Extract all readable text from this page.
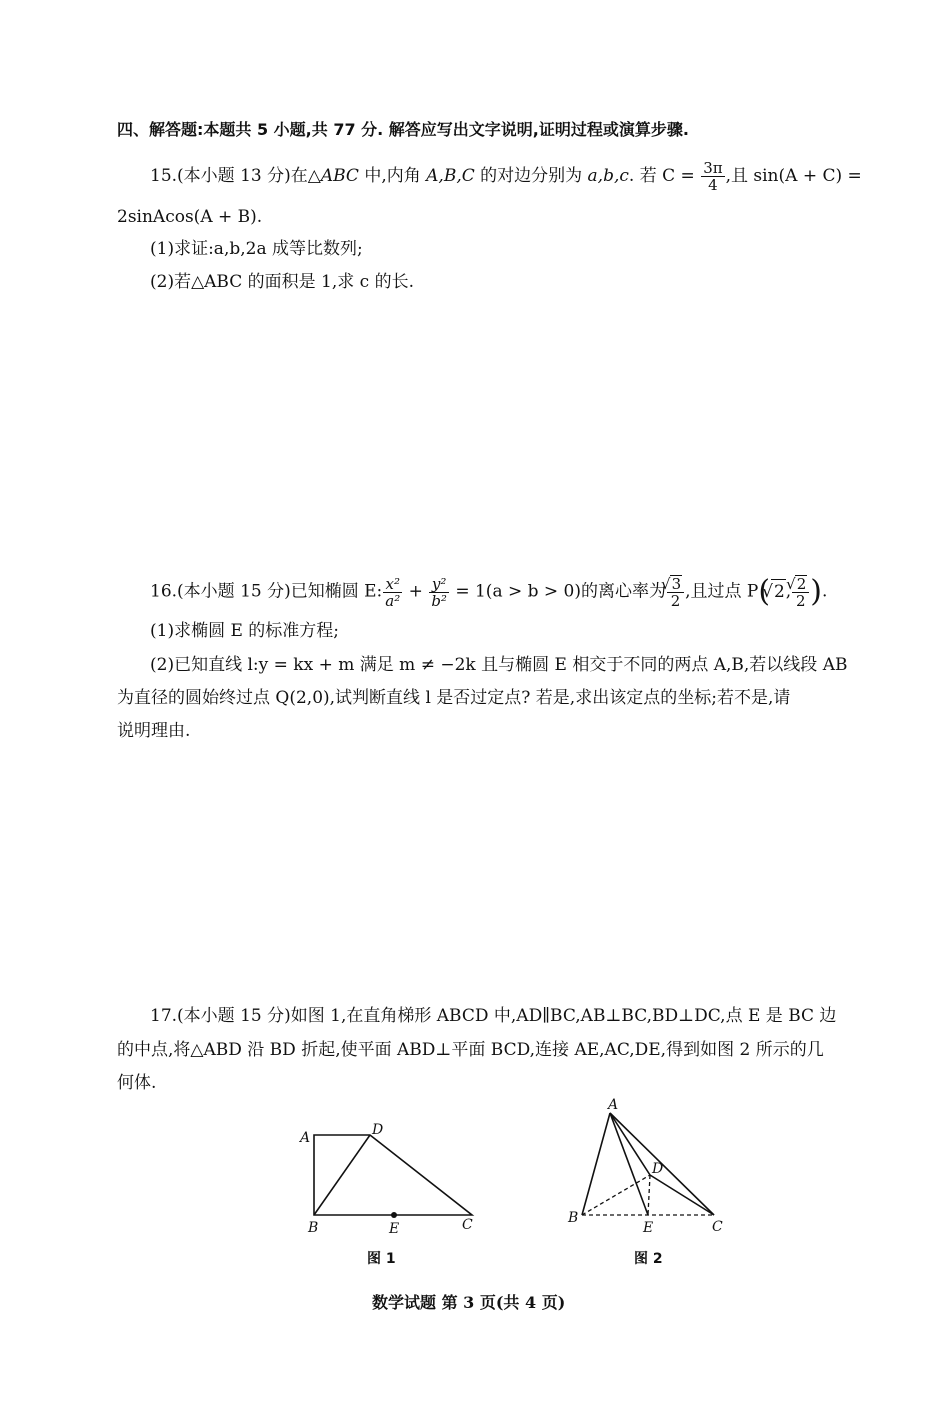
四、解答题:本题共 5 小题,共 77 分. 解答应写出文字说明,证明过程或演算步骤.
15.(本小题 13 分)在△ABC 中,内角 A,B,C 的对边分别为 a,b,c. 若 $C = \frac{3\pi}{4}$ ,且 sin(A + C) =
2sinAcos(A + B).
(1)求证:a,b,2a 成等比数列;
(2)若△ABC 的面积是 1,求 c 的长.
16.(本小题 15 分)已知椭圆 E: $\frac{\text{x²}}{\text{a²}} + \frac{\text{y²}}{\text{b²}} = 1(a > b > 0)$的离心率为 √ $\frac{3}{2}$ ,且过点 P( √ 2, √ $\frac{2}{2}$ ).
(1)求椭圆 E 的标准方程;
(2)已知直线 l:y = kx + m 满足 m ≠ −2k 且与椭圆 E 相交于不同的两点 A,B,若以线段 AB
为直径的圆始终过点 Q(2,0),试判断直线 l 是否过定点? 若是,求出该定点的坐标;若不是,请
说明理由.
17.(本小题 15 分)如图 1,在直角梯形 ABCD 中,AD∥BC,AB⊥BC,BD⊥DC,点 E 是 BC 边
的中点,将△ABD 沿 BD 折起,使平面 ABD⊥平面 BCD,连接 AE,AC,DE,得到如图 2 所示的几
何体.
A	D
B	E	C
图 1
A
D
B
E	C
图 2
数学试题 第 3 页(共 4 页)
